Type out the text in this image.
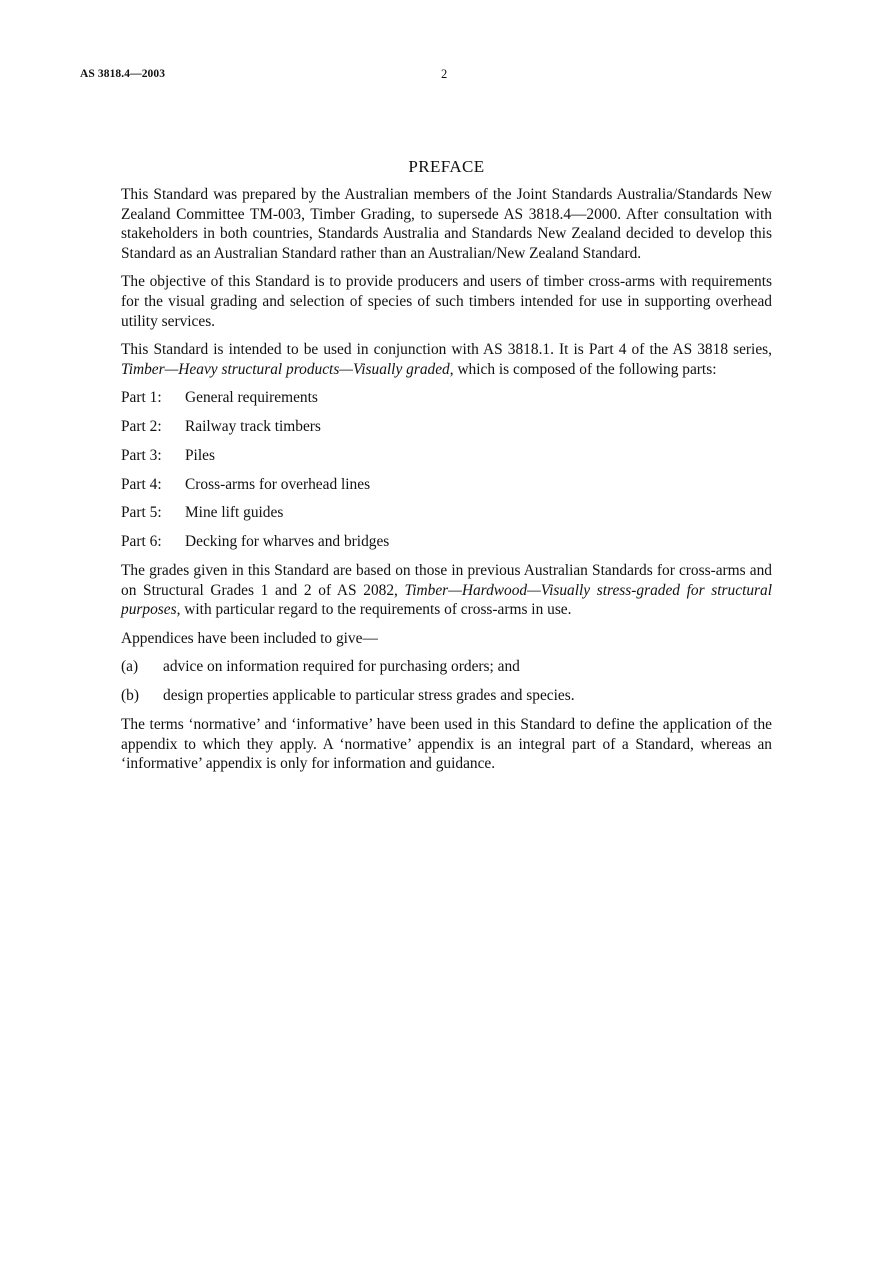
AS 3818.4—2003	2
PREFACE

This Standard was prepared by the Australian members of the Joint Standards Australia/Standards New Zealand Committee TM-003, Timber Grading, to supersede AS 3818.4—2000. After consultation with stakeholders in both countries, Standards Australia and Standards New Zealand decided to develop this Standard as an Australian Standard rather than an Australian/New Zealand Standard.

The objective of this Standard is to provide producers and users of timber cross-arms with requirements for the visual grading and selection of species of such timbers intended for use in supporting overhead utility services.

This Standard is intended to be used in conjunction with AS 3818.1. It is Part 4 of the AS 3818 series, Timber—Heavy structural products—Visually graded, which is composed of the following parts:

Part 1:	General requirements
Part 2:	Railway track timbers
Part 3:	Piles
Part 4:	Cross-arms for overhead lines
Part 5:	Mine lift guides
Part 6:	Decking for wharves and bridges

The grades given in this Standard are based on those in previous Australian Standards for cross-arms and on Structural Grades 1 and 2 of AS 2082, Timber—Hardwood—Visually stress-graded for structural purposes, with particular regard to the requirements of cross-arms in use.

Appendices have been included to give—

(a)	advice on information required for purchasing orders; and
(b)	design properties applicable to particular stress grades and species.

The terms ‘normative’ and ‘informative’ have been used in this Standard to define the application of the appendix to which they apply. A ‘normative’ appendix is an integral part of a Standard, whereas an ‘informative’ appendix is only for information and guidance.
